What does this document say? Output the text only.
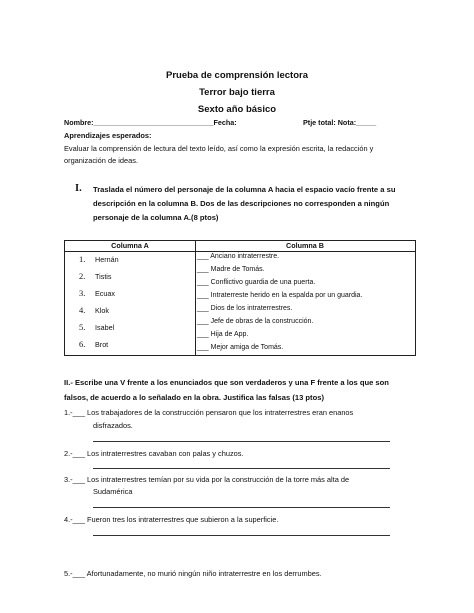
Prueba de comprensión lectora
Terror bajo tierra
Sexto año básico
Nombre:______________________________Fecha:	Ptje total: Nota:_____
Aprendizajes esperados:
Evaluar la comprensión de lectura del texto leído, así como la expresión escrita, la redacción y
organización de ideas.
I. Traslada el número del personaje de la columna A hacia el espacio vacío frente a su
descripción en la columna B. Dos de las descripciones no corresponden a ningún
personaje de la columna A.(8 ptos)
Columna A	Columna B
1. Hernán
2. Tistis
3. Ecuax
4. Klok
5. Isabel
6. Brot
___ Anciano intraterrestre.
___ Madre de Tomás.
___ Conflictivo guardia de una puerta.
___ Intraterreste herido en la espalda por un guardia.
___ Dios de los intraterrestres.
___ Jefe de obras de la construcción.
___ Hija de App.
___ Mejor amiga de Tomás.
II.- Escribe una V frente a los enunciados que son verdaderos y una F frente a los que son
falsos, de acuerdo a lo señalado en la obra. Justifica las falsas (13 ptos)
1.-___ Los trabajadores de la construcción pensaron que los intraterrestres eran enanos
disfrazados.
2.-___ Los intraterrestres cavaban con palas y chuzos.
3.-___ Los intraterrestres temían por su vida por la construcción de la torre más alta de
Sudamérica
4.-___ Fueron tres los intraterrestres que subieron a la superficie.
5.-___ Afortunadamente, no murió ningún niño intraterrestre en los derrumbes.
